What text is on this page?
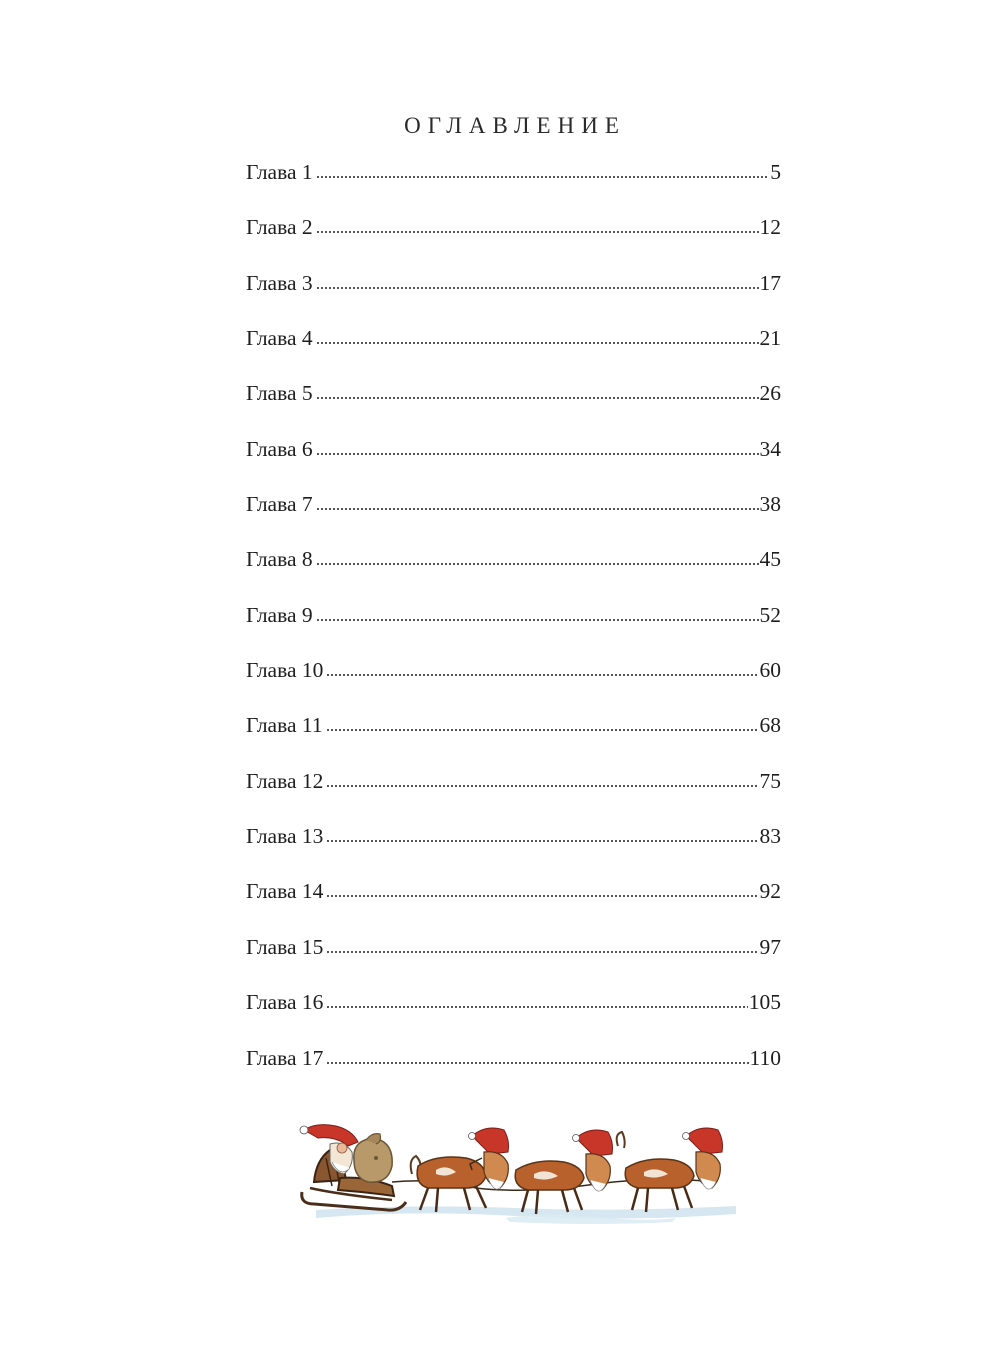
ОГЛАВЛЕНИЕ
Глава 1	5
Глава 2	12
Глава 3	17
Глава 4	21
Глава 5	26
Глава 6	34
Глава 7	38
Глава 8	45
Глава 9	52
Глава 10	60
Глава 11	68
Глава 12	75
Глава 13	83
Глава 14	92
Глава 15	97
Глава 16	105
Глава 17	110
